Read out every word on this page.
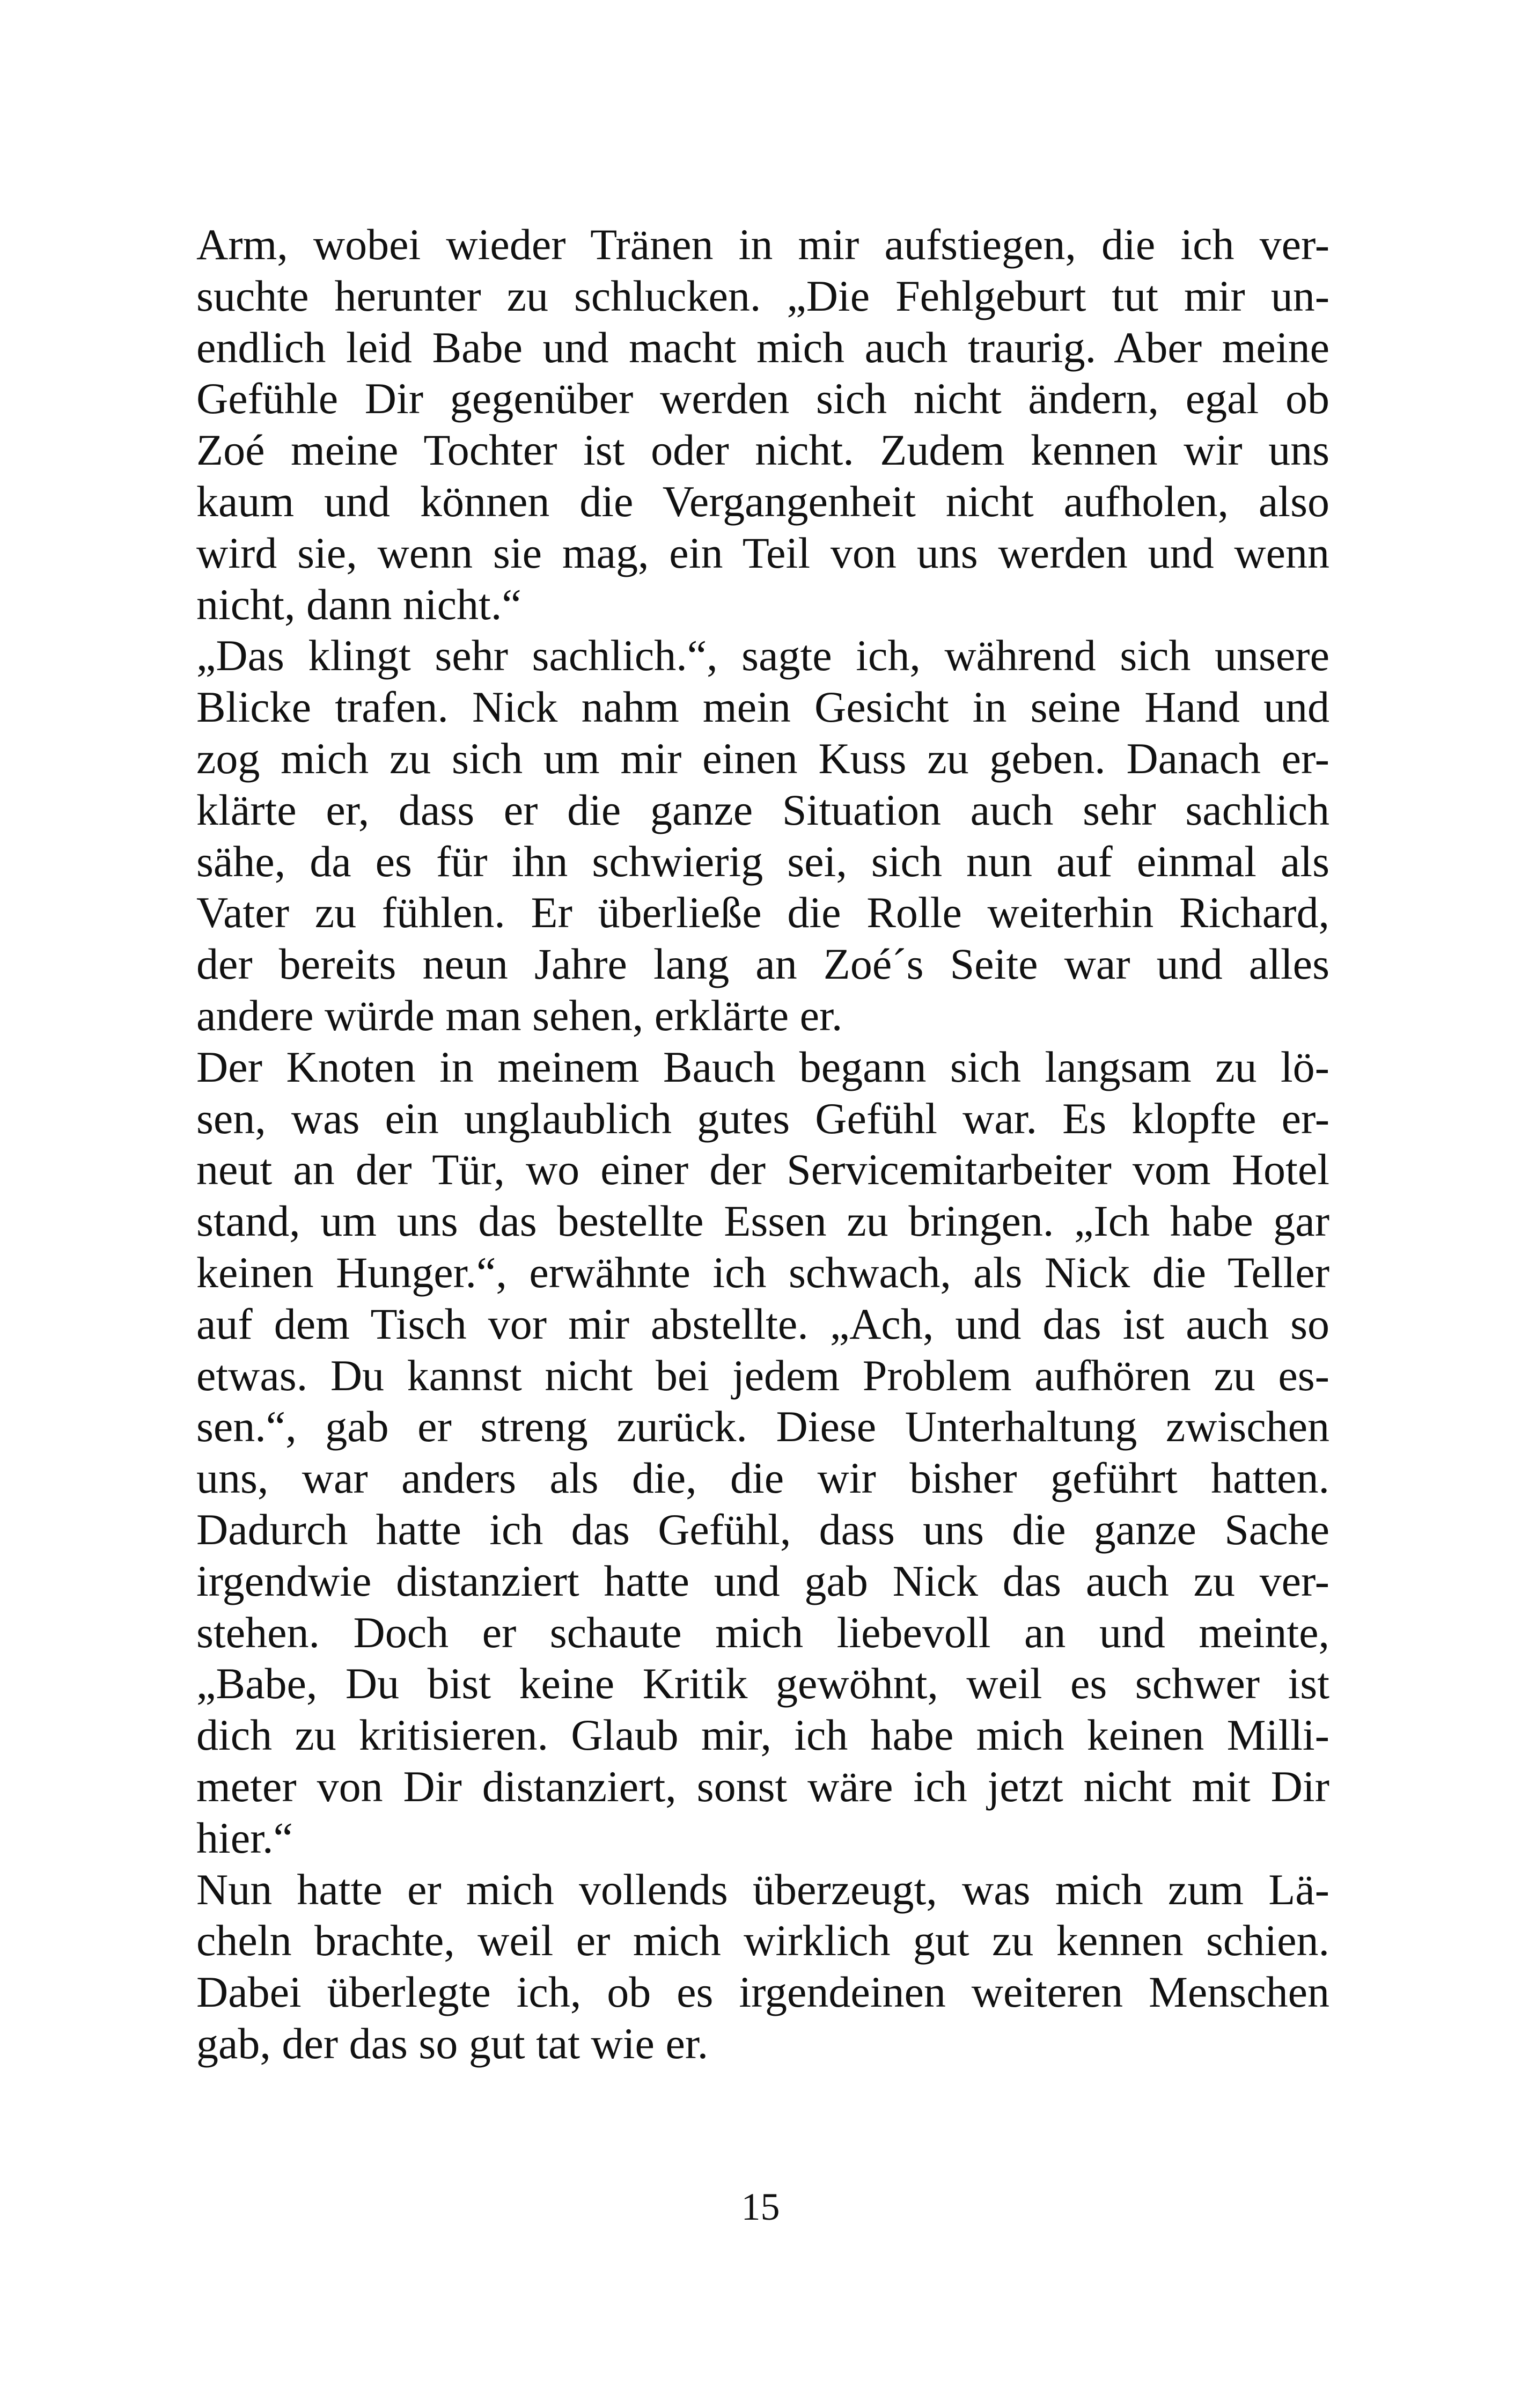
Arm, wobei wieder Tränen in mir aufstiegen, die ich ver-
suchte herunter zu schlucken. „Die Fehlgeburt tut mir un-
endlich leid Babe und macht mich auch traurig. Aber meine
Gefühle Dir gegenüber werden sich nicht ändern, egal ob
Zoé meine Tochter ist oder nicht. Zudem kennen wir uns
kaum und können die Vergangenheit nicht aufholen, also
wird sie, wenn sie mag, ein Teil von uns werden und wenn
nicht, dann nicht.“
„Das klingt sehr sachlich.“, sagte ich, während sich unsere
Blicke trafen. Nick nahm mein Gesicht in seine Hand und
zog mich zu sich um mir einen Kuss zu geben. Danach er-
klärte er, dass er die ganze Situation auch sehr sachlich
sähe, da es für ihn schwierig sei, sich nun auf einmal als
Vater zu fühlen. Er überließe die Rolle weiterhin Richard,
der bereits neun Jahre lang an Zoé´s Seite war und alles
andere würde man sehen, erklärte er.
Der Knoten in meinem Bauch begann sich langsam zu lö-
sen, was ein unglaublich gutes Gefühl war. Es klopfte er-
neut an der Tür, wo einer der Servicemitarbeiter vom Hotel
stand, um uns das bestellte Essen zu bringen. „Ich habe gar
keinen Hunger.“, erwähnte ich schwach, als Nick die Teller
auf dem Tisch vor mir abstellte. „Ach, und das ist auch so
etwas. Du kannst nicht bei jedem Problem aufhören zu es-
sen.“, gab er streng zurück. Diese Unterhaltung zwischen
uns, war anders als die, die wir bisher geführt hatten.
Dadurch hatte ich das Gefühl, dass uns die ganze Sache
irgendwie distanziert hatte und gab Nick das auch zu ver-
stehen. Doch er schaute mich liebevoll an und meinte,
„Babe, Du bist keine Kritik gewöhnt, weil es schwer ist
dich zu kritisieren. Glaub mir, ich habe mich keinen Milli-
meter von Dir distanziert, sonst wäre ich jetzt nicht mit Dir
hier.“
Nun hatte er mich vollends überzeugt, was mich zum Lä-
cheln brachte, weil er mich wirklich gut zu kennen schien.
Dabei überlegte ich, ob es irgendeinen weiteren Menschen
gab, der das so gut tat wie er.
15
